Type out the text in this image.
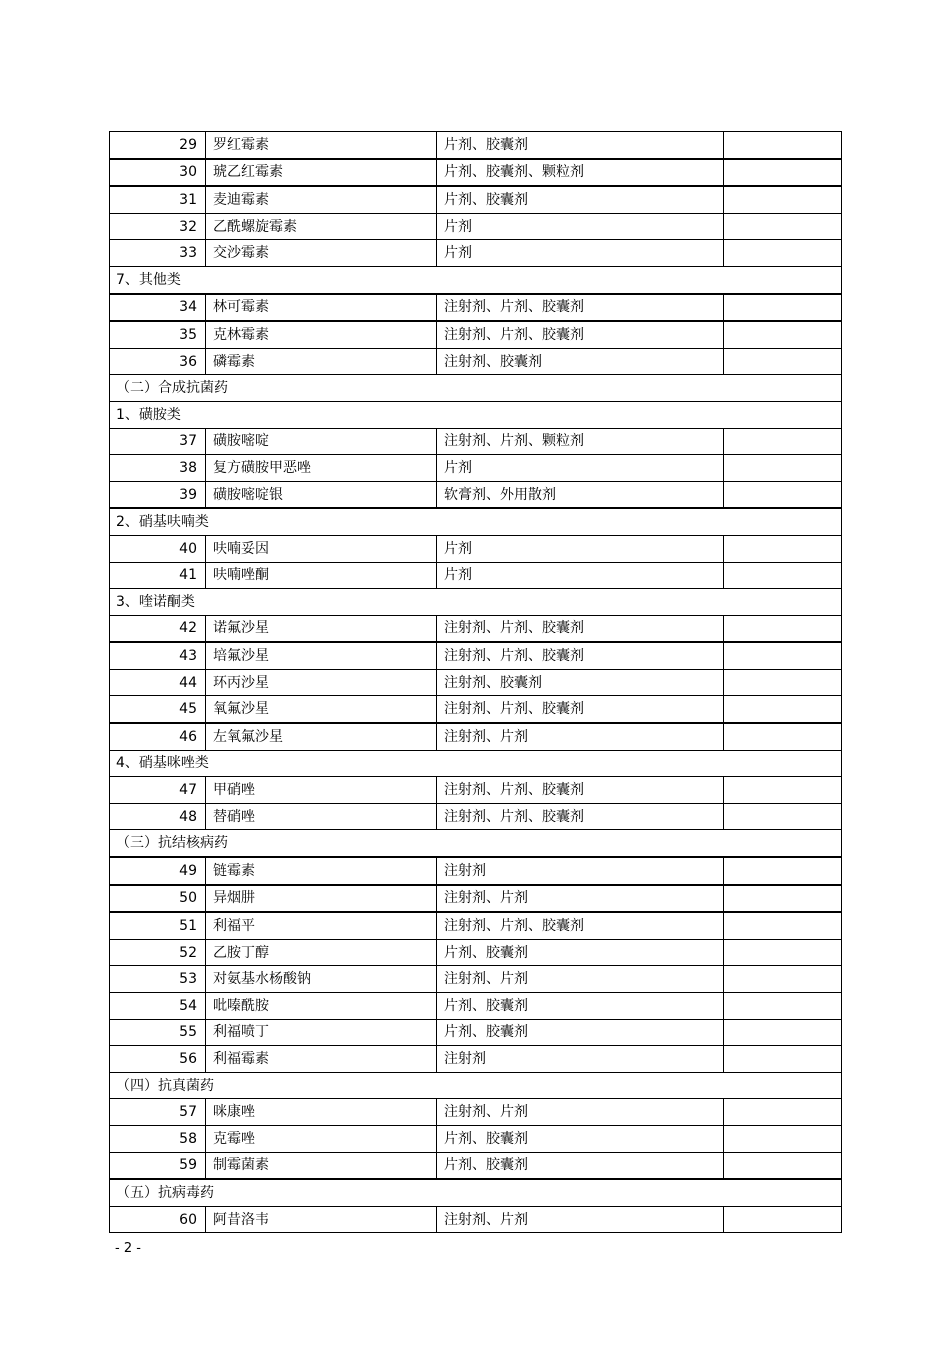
29	罗红霉素	片剂、胶囊剂	
30	琥乙红霉素	片剂、胶囊剂、颗粒剂	
31	麦迪霉素	片剂、胶囊剂	
32	乙酰螺旋霉素	片剂	
33	交沙霉素	片剂	
7、其他类			
34	林可霉素	注射剂、片剂、胶囊剂	
35	克林霉素	注射剂、片剂、胶囊剂	
36	磷霉素	注射剂、胶囊剂	
（二）合成抗菌药			
1、磺胺类			
37	磺胺嘧啶	注射剂、片剂、颗粒剂	
38	复方磺胺甲恶唑	片剂	
39	磺胺嘧啶银	软膏剂、外用散剂	
2、硝基呋喃类			
40	呋喃妥因	片剂	
41	呋喃唑酮	片剂	
3、喹诺酮类			
42	诺氟沙星	注射剂、片剂、胶囊剂	
43	培氟沙星	注射剂、片剂、胶囊剂	
44	环丙沙星	注射剂、胶囊剂	
45	氧氟沙星	注射剂、片剂、胶囊剂	
46	左氧氟沙星	注射剂、片剂	
4、硝基咪唑类			
47	甲硝唑	注射剂、片剂、胶囊剂	
48	替硝唑	注射剂、片剂、胶囊剂	
（三）抗结核病药			
49	链霉素	注射剂	
50	异烟肼	注射剂、片剂	
51	利福平	注射剂、片剂、胶囊剂	
52	乙胺丁醇	片剂、胶囊剂	
53	对氨基水杨酸钠	注射剂、片剂	
54	吡嗪酰胺	片剂、胶囊剂	
55	利福喷丁	片剂、胶囊剂	
56	利福霉素	注射剂	
（四）抗真菌药			
57	咪康唑	注射剂、片剂	
58	克霉唑	片剂、胶囊剂	
59	制霉菌素	片剂、胶囊剂	
（五）抗病毒药			
60	阿昔洛韦	注射剂、片剂	
- 2 -
